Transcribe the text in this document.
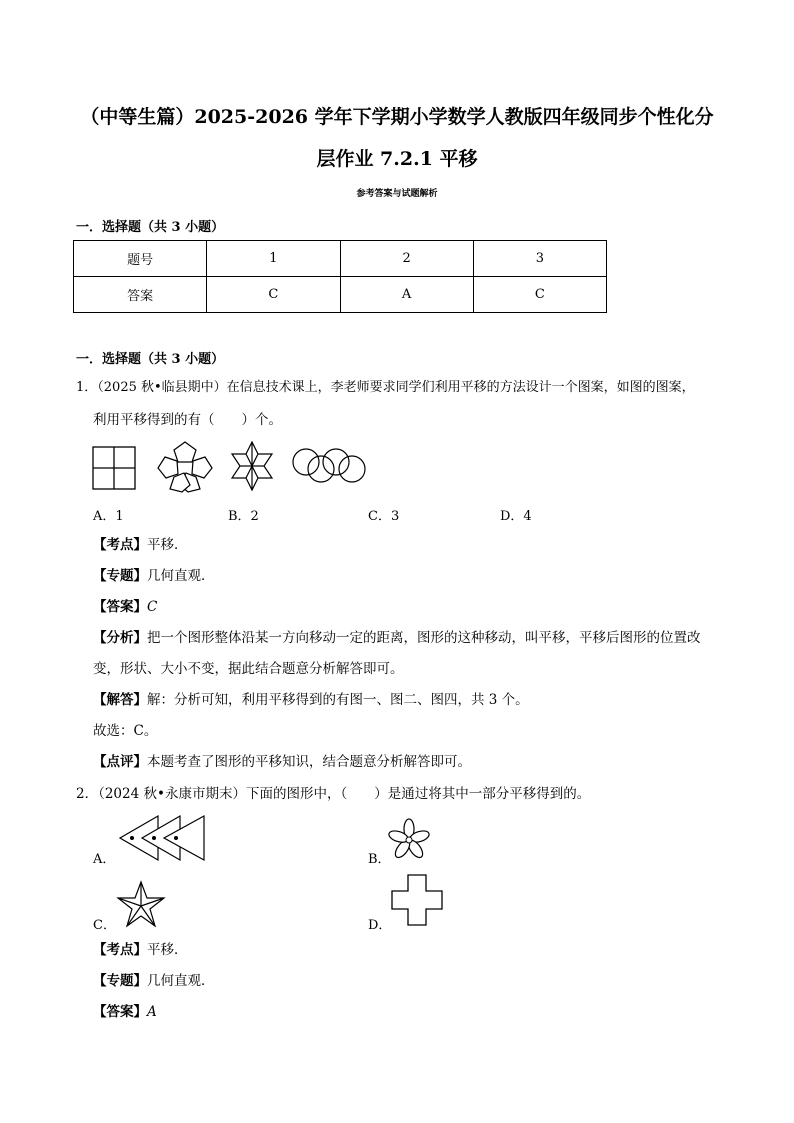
（中等生篇）2025-2026 学年下学期小学数学人教版四年级同步个性化分
层作业 7.2.1 平移
参考答案与试题解析
一．选择题（共 3 小题）
题号	1	2	3
答案	C	A	C
一．选择题（共 3 小题）
1．（2025 秋•临县期中）在信息技术课上，李老师要求同学们利用平移的方法设计一个图案，如图的图案，
利用平移得到的有（　　）个。
A．1	B．2	C．3	D．4
【考点】平移．
【专题】几何直观．
【答案】C
【分析】把一个图形整体沿某一方向移动一定的距离，图形的这种移动，叫平移，平移后图形的位置改
变，形状、大小不变，据此结合题意分析解答即可。
【解答】解：分析可知，利用平移得到的有图一、图二、图四，共 3 个。
故选：C。
【点评】本题考查了图形的平移知识，结合题意分析解答即可。
2．（2024 秋•永康市期末）下面的图形中，（　　）是通过将其中一部分平移得到的。
A．	B．
C．	D．
【考点】平移．
【专题】几何直观．
【答案】A
